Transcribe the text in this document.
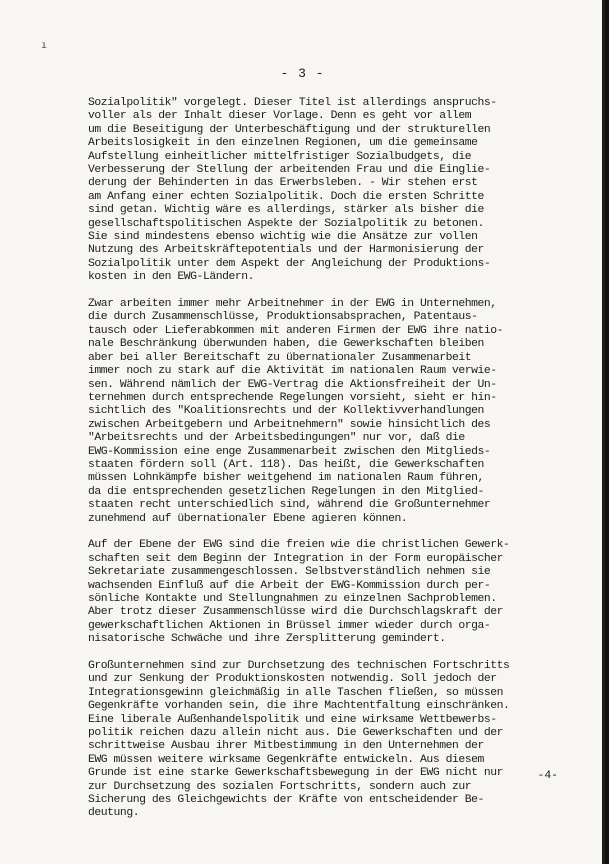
ı
- 3 -
Sozialpolitik" vorgelegt. Dieser Titel ist allerdings anspruchs-
voller als der Inhalt dieser Vorlage. Denn es geht vor allem
um die Beseitigung der Unterbeschäftigung und der strukturellen
Arbeitslosigkeit in den einzelnen Regionen, um die gemeinsame
Aufstellung einheitlicher mittelfristiger Sozialbudgets, die
Verbesserung der Stellung der arbeitenden Frau und die Einglie-
derung der Behinderten in das Erwerbsleben. - Wir stehen erst
am Anfang einer echten Sozialpolitik. Doch die ersten Schritte
sind getan. Wichtig wäre es allerdings, stärker als bisher die
gesellschaftspolitischen Aspekte der Sozialpolitik zu betonen.
Sie sind mindestens ebenso wichtig wie die Ansätze zur vollen
Nutzung des Arbeitskräftepotentials und der Harmonisierung der
Sozialpolitik unter dem Aspekt der Angleichung der Produktions-
kosten in den EWG-Ländern.
Zwar arbeiten immer mehr Arbeitnehmer in der EWG in Unternehmen,
die durch Zusammenschlüsse, Produktionsabsprachen, Patentaus-
tausch oder Lieferabkommen mit anderen Firmen der EWG ihre natio-
nale Beschränkung überwunden haben, die Gewerkschaften bleiben
aber bei aller Bereitschaft zu übernationaler Zusammenarbeit
immer noch zu stark auf die Aktivität im nationalen Raum verwie-
sen. Während nämlich der EWG-Vertrag die Aktionsfreiheit der Un-
ternehmen durch entsprechende Regelungen vorsieht, sieht er hin-
sichtlich des "Koalitionsrechts und der Kollektivverhandlungen
zwischen Arbeitgebern und Arbeitnehmern" sowie hinsichtlich des
"Arbeitsrechts und der Arbeitsbedingungen" nur vor, daß die
EWG-Kommission eine enge Zusammenarbeit zwischen den Mitglieds-
staaten fördern soll (Art. 118). Das heißt, die Gewerkschaften
müssen Lohnkämpfe bisher weitgehend im nationalen Raum führen,
da die entsprechenden gesetzlichen Regelungen in den Mitglied-
staaten recht unterschiedlich sind, während die Großunternehmer
zunehmend auf übernationaler Ebene agieren können.
Auf der Ebene der EWG sind die freien wie die christlichen Gewerk-
schaften seit dem Beginn der Integration in der Form europäischer
Sekretariate zusammengeschlossen. Selbstverständlich nehmen sie
wachsenden Einfluß auf die Arbeit der EWG-Kommission durch per-
sönliche Kontakte und Stellungnahmen zu einzelnen Sachproblemen.
Aber trotz dieser Zusammenschlüsse wird die Durchschlagskraft der
gewerkschaftlichen Aktionen in Brüssel immer wieder durch orga-
nisatorische Schwäche und ihre Zersplitterung gemindert.
Großunternehmen sind zur Durchsetzung des technischen Fortschritts
und zur Senkung der Produktionskosten notwendig. Soll jedoch der
Integrationsgewinn gleichmäßig in alle Taschen fließen, so müssen
Gegenkräfte vorhanden sein, die ihre Machtentfaltung einschränken.
Eine liberale Außenhandelspolitik und eine wirksame Wettbewerbs-
politik reichen dazu allein nicht aus. Die Gewerkschaften und der
schrittweise Ausbau ihrer Mitbestimmung in den Unternehmen der
EWG müssen weitere wirksame Gegenkräfte entwickeln. Aus diesem
Grunde ist eine starke Gewerkschaftsbewegung in der EWG nicht nur
zur Durchsetzung des sozialen Fortschritts, sondern auch zur
Sicherung des Gleichgewichts der Kräfte von entscheidender Be-
deutung.
-4-
